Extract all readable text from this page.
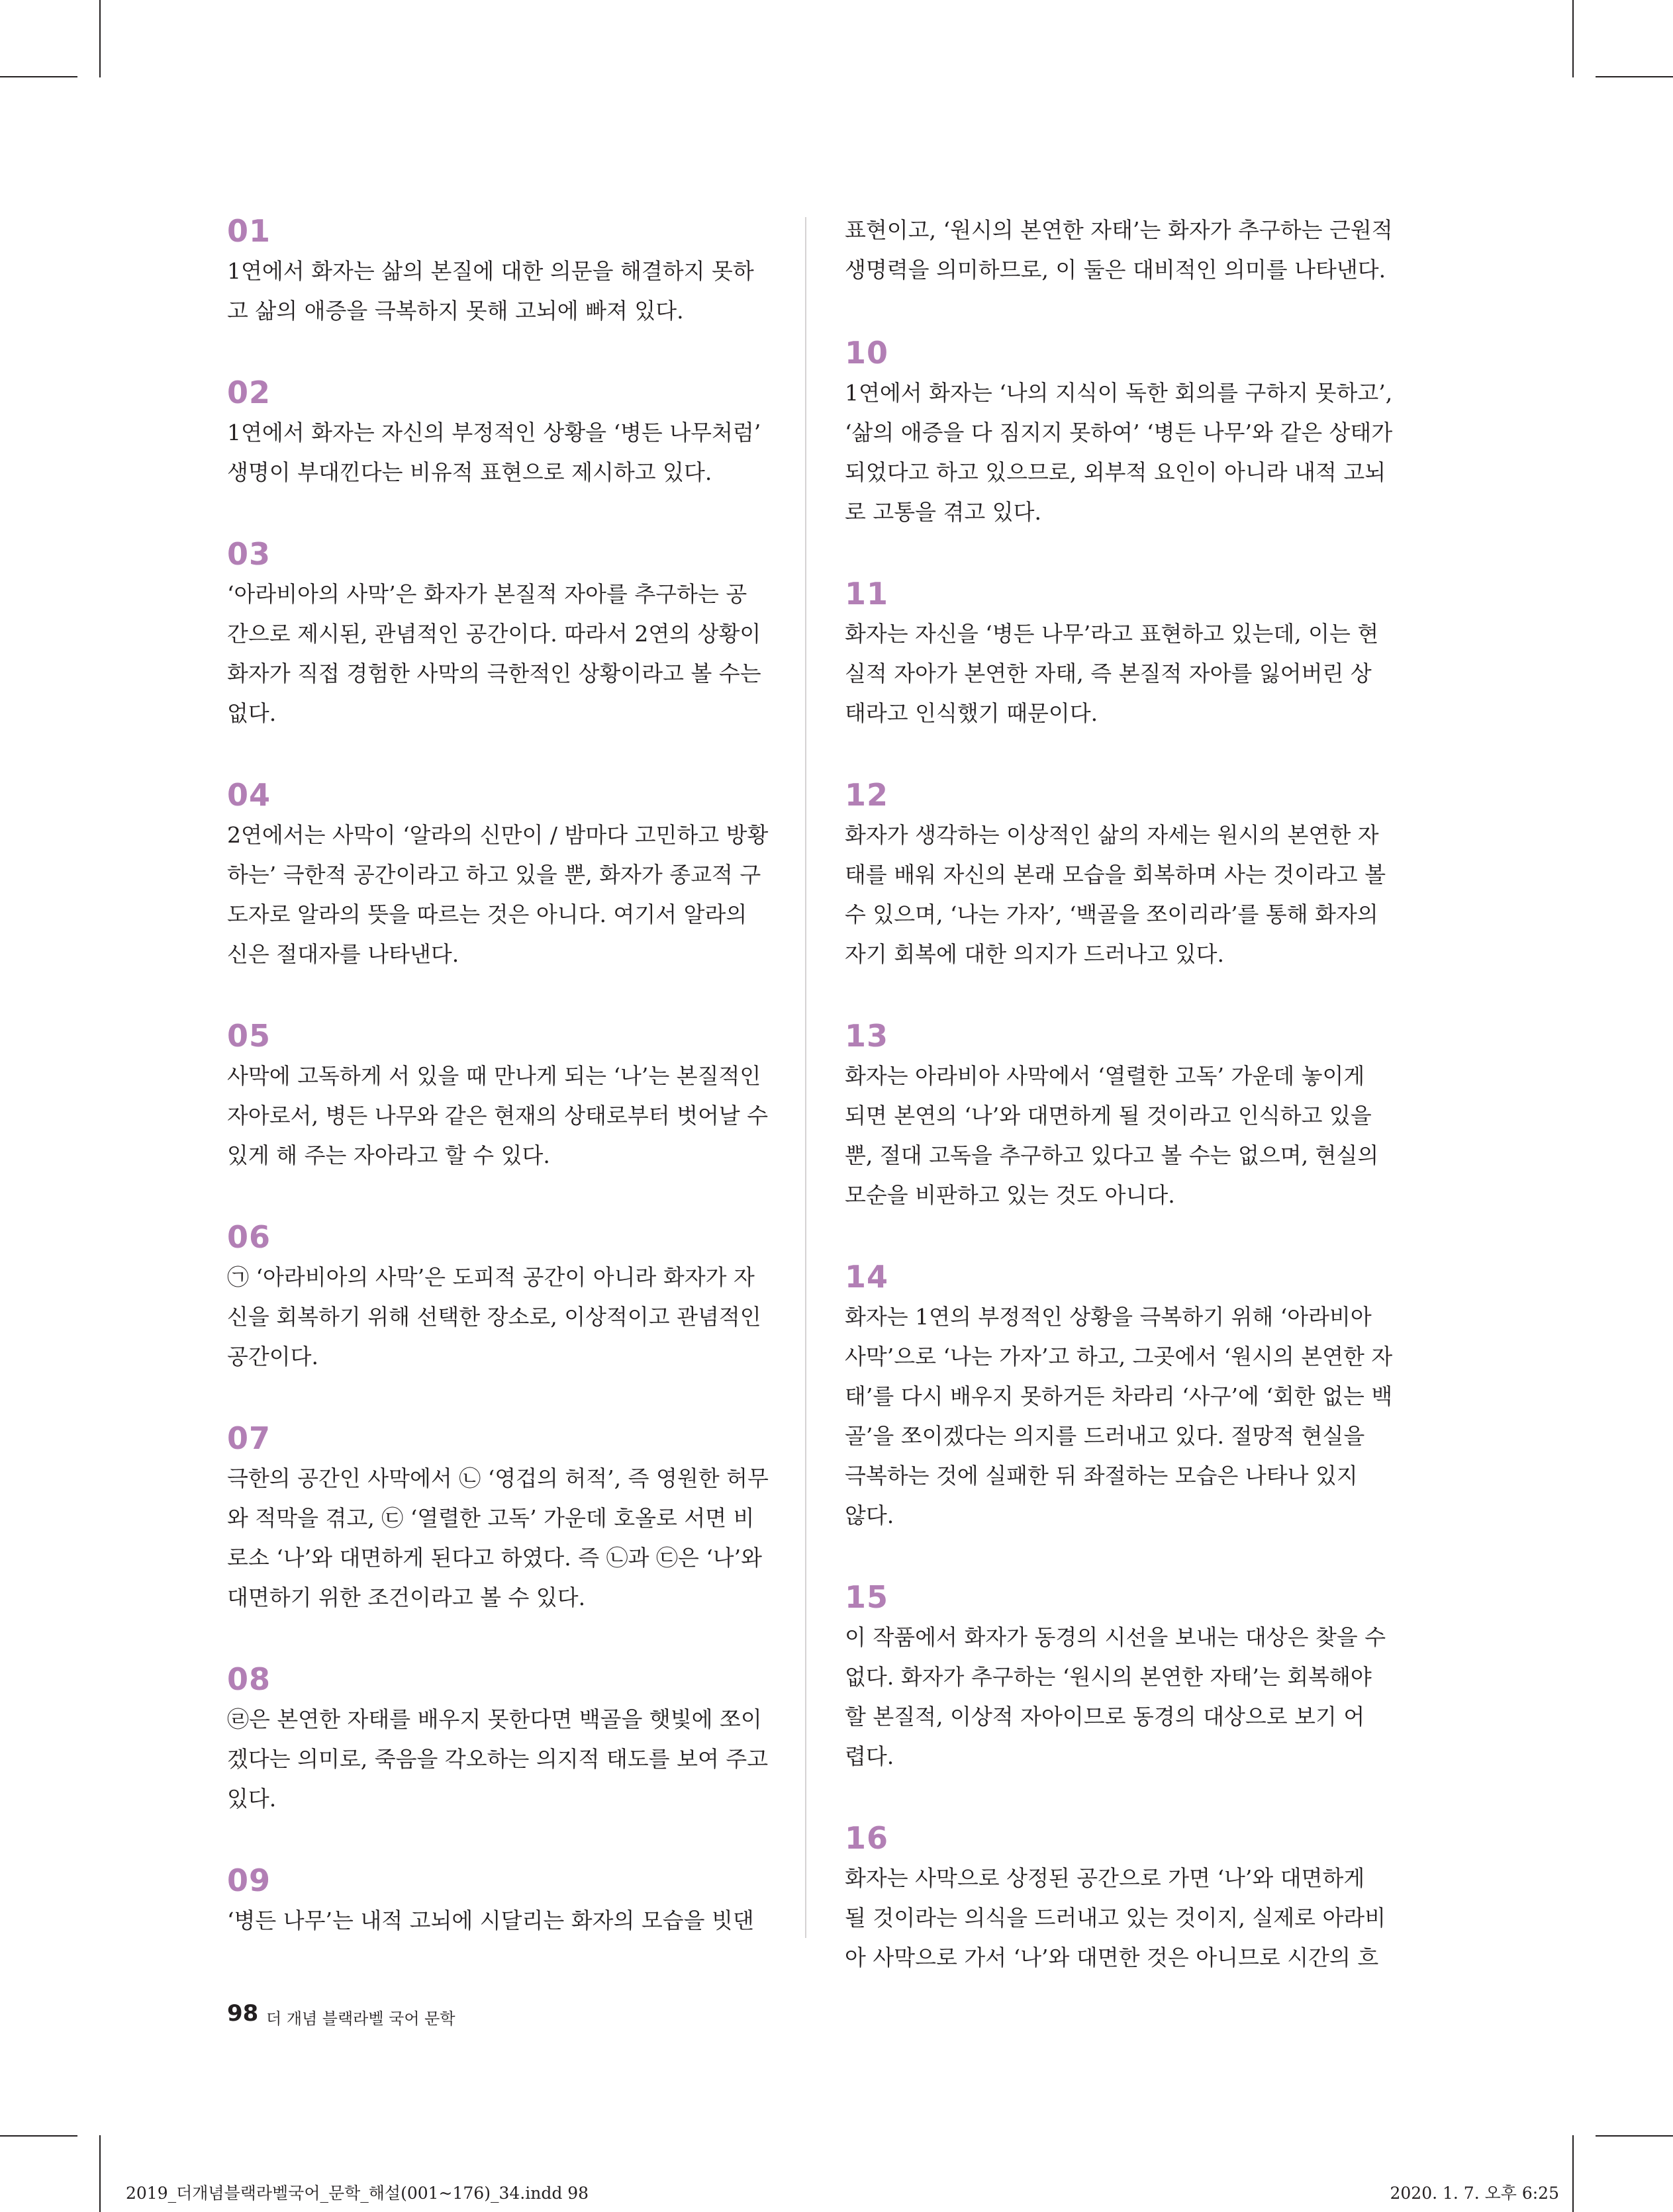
01

1연에서 화자는 삶의 본질에 대한 의문을 해결하지 못하
고 삶의 애증을 극복하지 못해 고뇌에 빠져 있다.

02

1연에서 화자는 자신의 부정적인 상황을 ‘병든 나무처럼’
생명이 부대낀다는 비유적 표현으로 제시하고 있다.

03

‘아라비아의 사막’은 화자가 본질적 자아를 추구하는 공
간으로 제시된, 관념적인 공간이다. 따라서 2연의 상황이
화자가 직접 경험한 사막의 극한적인 상황이라고 볼 수는
없다.

04

2연에서는 사막이 ‘알라의 신만이 / 밤마다 고민하고 방황
하는’ 극한적 공간이라고 하고 있을 뿐, 화자가 종교적 구
도자로 알라의 뜻을 따르는 것은 아니다. 여기서 알라의
신은 절대자를 나타낸다.

05

사막에 고독하게 서 있을 때 만나게 되는 ‘나’는 본질적인
자아로서, 병든 나무와 같은 현재의 상태로부터 벗어날 수
있게 해 주는 자아라고 할 수 있다.

06

㉠ ‘아라비아의 사막’은 도피적 공간이 아니라 화자가 자
신을 회복하기 위해 선택한 장소로, 이상적이고 관념적인
공간이다.

07

극한의 공간인 사막에서 ㉡ ‘영겁의 허적’, 즉 영원한 허무
와 적막을 겪고, ㉢ ‘열렬한 고독’ 가운데 호올로 서면 비
로소 ‘나’와 대면하게 된다고 하였다. 즉 ㉡과 ㉢은 ‘나’와
대면하기 위한 조건이라고 볼 수 있다.

08

㉣은 본연한 자태를 배우지 못한다면 백골을 햇빛에 쪼이
겠다는 의미로, 죽음을 각오하는 의지적 태도를 보여 주고
있다.

09

‘병든 나무’는 내적 고뇌에 시달리는 화자의 모습을 빗댄

표현이고, ‘원시의 본연한 자태’는 화자가 추구하는 근원적
생명력을 의미하므로, 이 둘은 대비적인 의미를 나타낸다.

10

1연에서 화자는 ‘나의 지식이 독한 회의를 구하지 못하고’,
‘삶의 애증을 다 짐지지 못하여’ ‘병든 나무’와 같은 상태가
되었다고 하고 있으므로, 외부적 요인이 아니라 내적 고뇌
로 고통을 겪고 있다.

11

화자는 자신을 ‘병든 나무’라고 표현하고 있는데, 이는 현
실적 자아가 본연한 자태, 즉 본질적 자아를 잃어버린 상
태라고 인식했기 때문이다.

12

화자가 생각하는 이상적인 삶의 자세는 원시의 본연한 자
태를 배워 자신의 본래 모습을 회복하며 사는 것이라고 볼
수 있으며, ‘나는 가자’, ‘백골을 쪼이리라’를 통해 화자의
자기 회복에 대한 의지가 드러나고 있다.

13

화자는 아라비아 사막에서 ‘열렬한 고독’ 가운데 놓이게
되면 본연의 ‘나’와 대면하게 될 것이라고 인식하고 있을
뿐, 절대 고독을 추구하고 있다고 볼 수는 없으며, 현실의
모순을 비판하고 있는 것도 아니다.

14

화자는 1연의 부정적인 상황을 극복하기 위해 ‘아라비아
사막’으로 ‘나는 가자’고 하고, 그곳에서 ‘원시의 본연한 자
태’를 다시 배우지 못하거든 차라리 ‘사구’에 ‘회한 없는 백
골’을 쪼이겠다는 의지를 드러내고 있다. 절망적 현실을
극복하는 것에 실패한 뒤 좌절하는 모습은 나타나 있지
않다.

15

이 작품에서 화자가 동경의 시선을 보내는 대상은 찾을 수
없다. 화자가 추구하는 ‘원시의 본연한 자태’는 회복해야
할 본질적, 이상적 자아이므로 동경의 대상으로 보기 어
렵다.

16

화자는 사막으로 상정된 공간으로 가면 ‘나’와 대면하게
될 것이라는 의식을 드러내고 있는 것이지, 실제로 아라비
아 사막으로 가서 ‘나’와 대면한 것은 아니므로 시간의 흐

98 더 개념 블랙라벨 국어 문학
2019_더개념블랙라벨국어_문학_해설(001~176)_34.indd 98	2020. 1. 7. 오후 6:25
